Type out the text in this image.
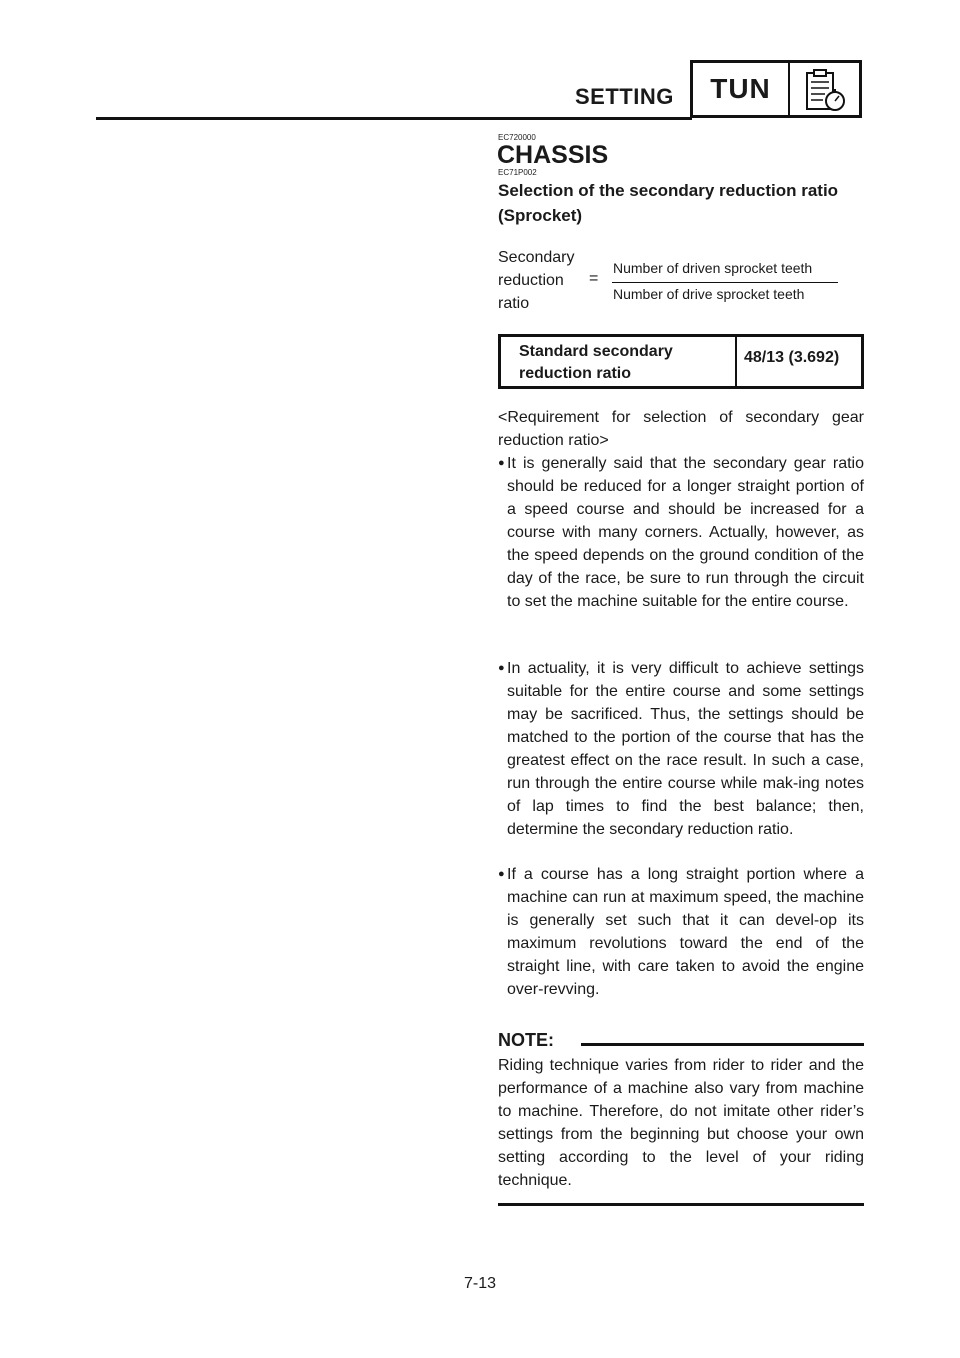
SETTING	TUN
EC720000
CHASSIS
EC71P002
Selection of the secondary reduction ratio (Sprocket)
Secondary
reduction
ratio
=
Number of driven sprocket teeth
Number of drive sprocket teeth
Standard secondary reduction ratio
48/13 (3.692)
<Requirement for selection of secondary gear reduction ratio>
● It is generally said that the secondary gear ratio should be reduced for a longer straight portion of a speed course and should be increased for a course with many corners. Actually, however, as the speed depends on the ground condition of the day of the race, be sure to run through the circuit to set the machine suitable for the entire course.
● In actuality, it is very difficult to achieve settings suitable for the entire course and some settings may be sacrificed. Thus, the settings should be matched to the portion of the course that has the greatest effect on the race result. In such a case, run through the entire course while mak-ing notes of lap times to find the best balance; then, determine the secondary reduction ratio.
● If a course has a long straight portion where a machine can run at maximum speed, the machine is generally set such that it can devel-op its maximum revolutions toward the end of the straight line, with care taken to avoid the engine over-revving.
NOTE:
Riding technique varies from rider to rider and the performance of a machine also vary from machine to machine. Therefore, do not imitate other rider’s settings from the beginning but choose your own setting according to the level of your riding technique.
7-13
